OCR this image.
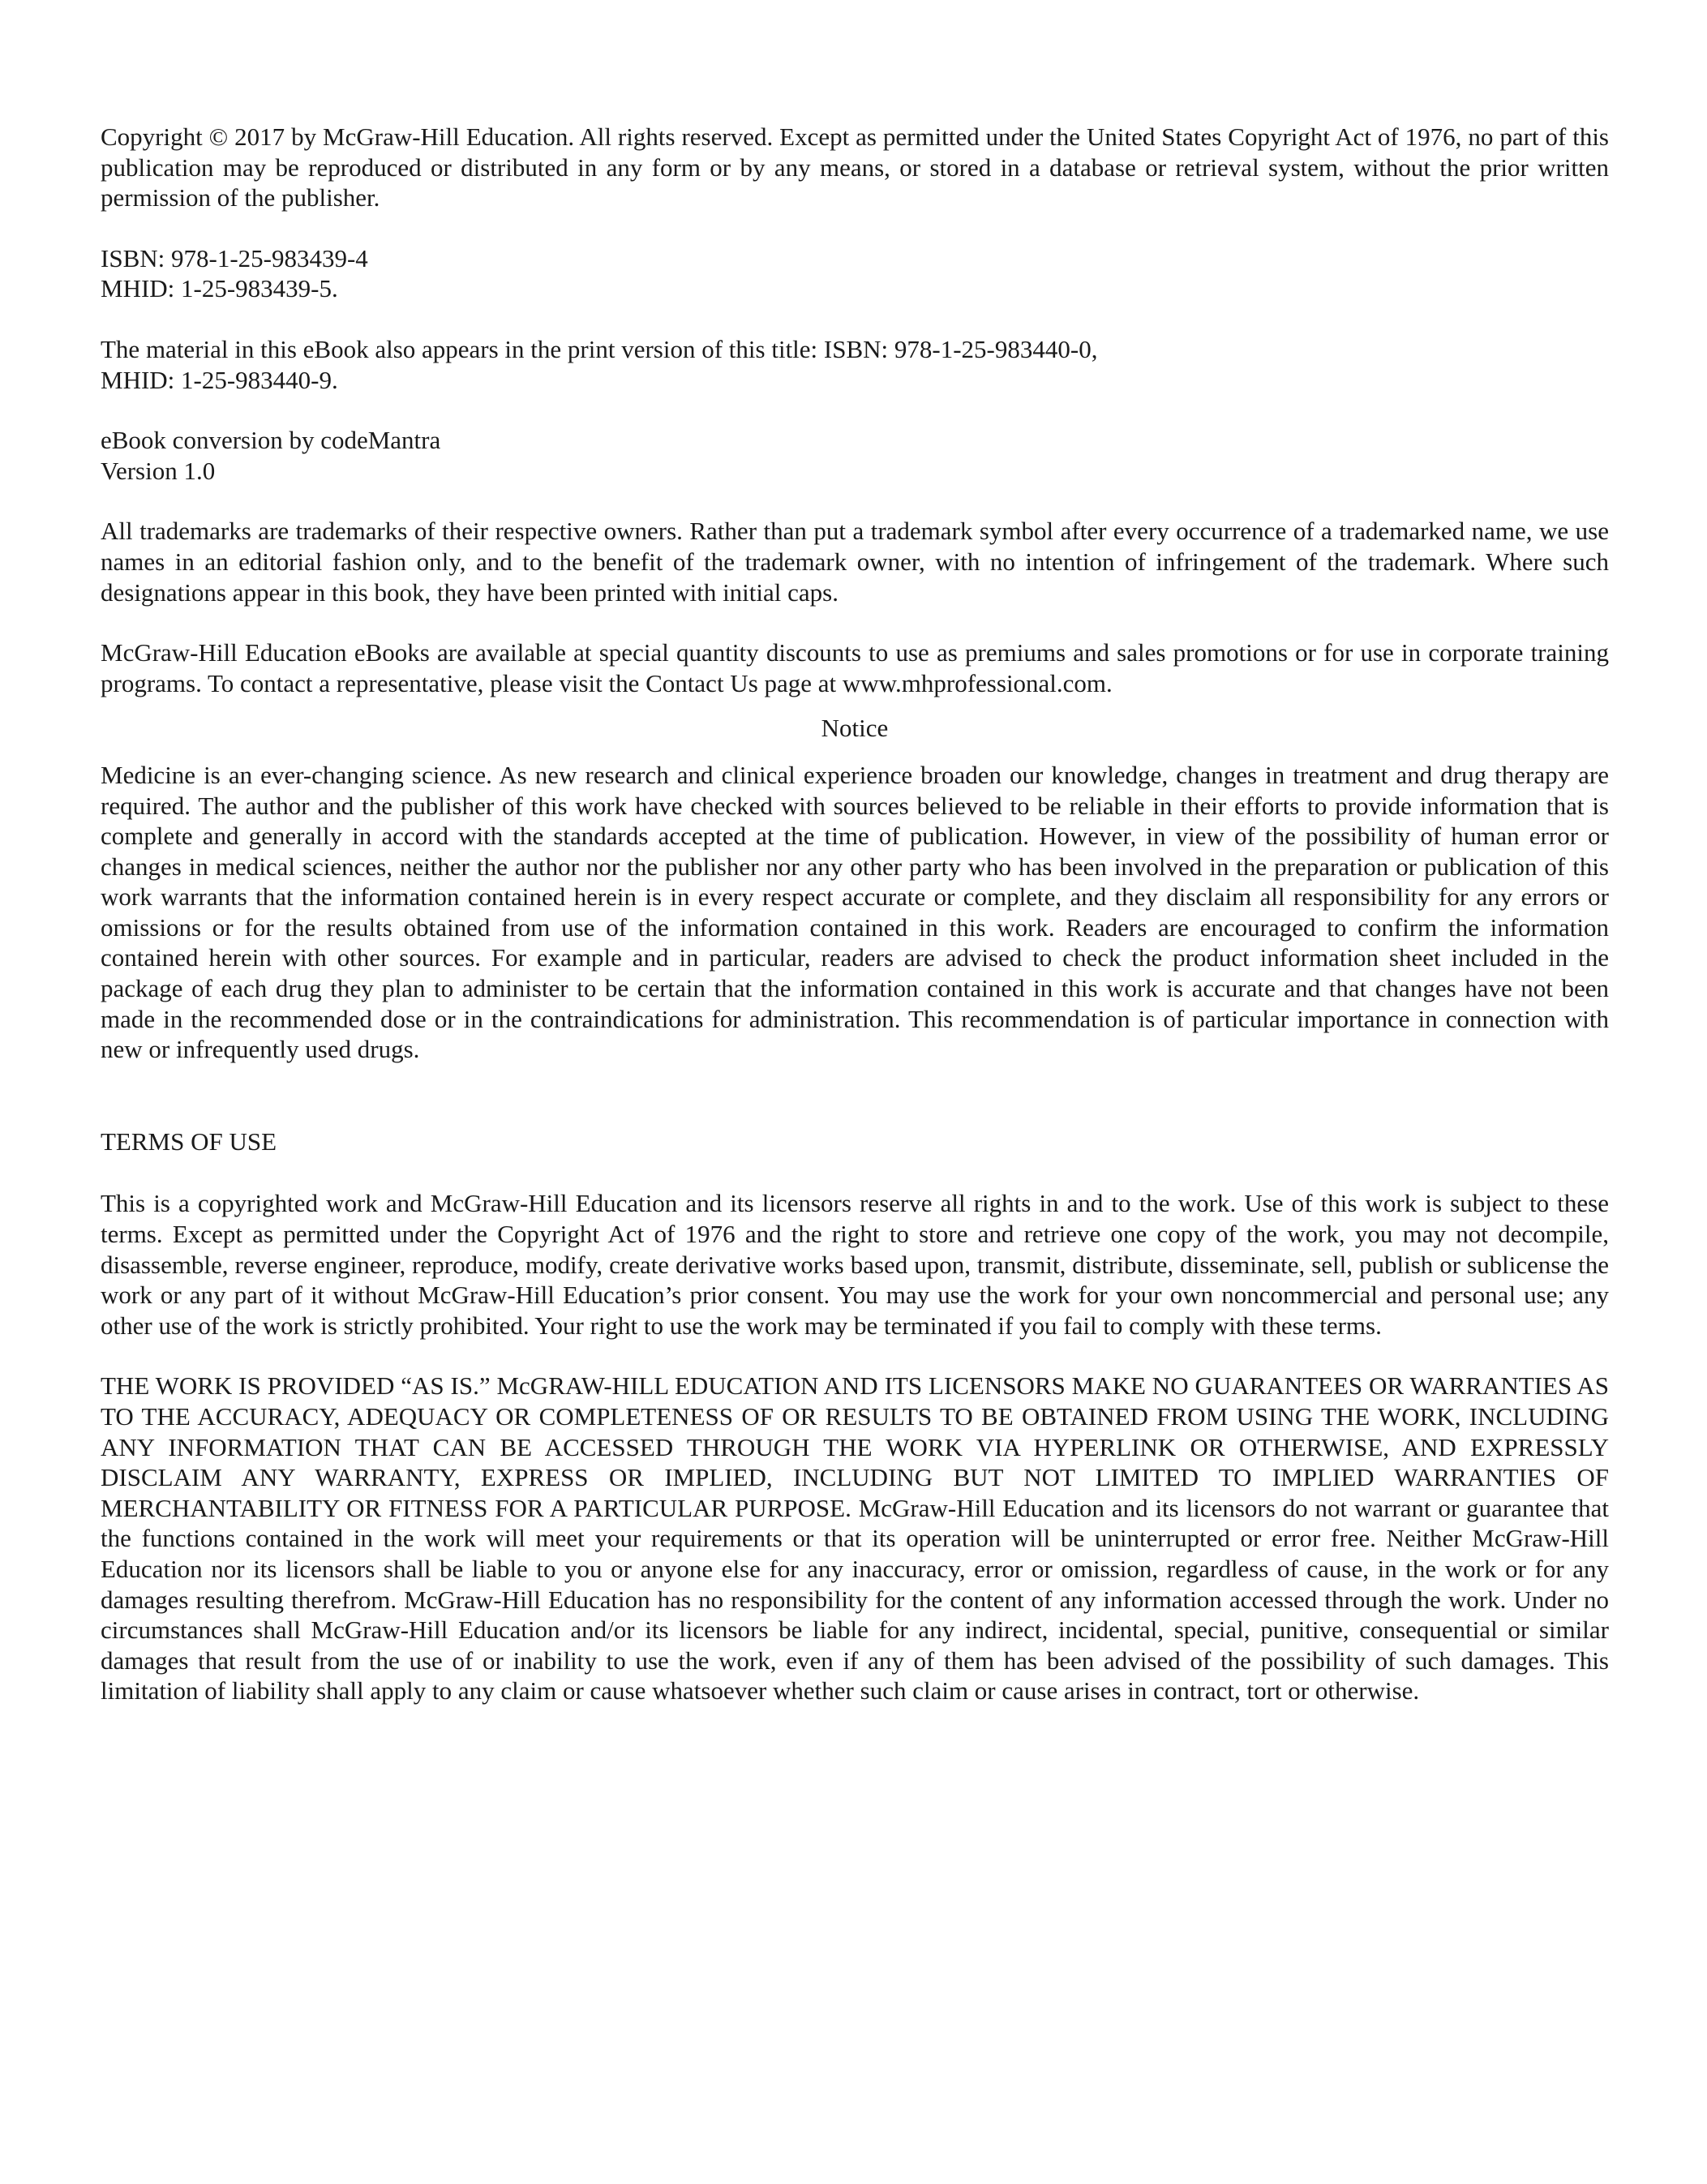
Copyright © 2017 by McGraw-Hill Education. All rights reserved. Except as permitted under the United States Copyright Act of 1976, no part of this publication may be reproduced or distributed in any form or by any means, or stored in a database or retrieval system, without the prior written permission of the publisher.

ISBN: 978-1-25-983439-4
MHID: 1-25-983439-5.

The material in this eBook also appears in the print version of this title: ISBN: 978-1-25-983440-0,
MHID: 1-25-983440-9.

eBook conversion by codeMantra
Version 1.0

All trademarks are trademarks of their respective owners. Rather than put a trademark symbol after every occurrence of a trademarked name, we use names in an editorial fashion only, and to the benefit of the trademark owner, with no intention of infringement of the trademark. Where such designations appear in this book, they have been printed with initial caps.

McGraw-Hill Education eBooks are available at special quantity discounts to use as premiums and sales promotions or for use in corporate training programs. To contact a representative, please visit the Contact Us page at www.mhprofessional.com.

Notice

Medicine is an ever-changing science. As new research and clinical experience broaden our knowledge, changes in treatment and drug therapy are required. The author and the publisher of this work have checked with sources believed to be reliable in their efforts to provide information that is complete and generally in accord with the standards accepted at the time of publication. However, in view of the possibility of human error or changes in medical sciences, neither the author nor the publisher nor any other party who has been involved in the preparation or publication of this work warrants that the information contained herein is in every respect accurate or complete, and they disclaim all responsibility for any errors or omissions or for the results obtained from use of the information contained in this work. Readers are encouraged to confirm the information contained herein with other sources. For example and in particular, readers are advised to check the product information sheet included in the package of each drug they plan to administer to be certain that the information contained in this work is accurate and that changes have not been made in the recommended dose or in the contraindications for administration. This recommendation is of particular importance in connection with new or infrequently used drugs.

TERMS OF USE

This is a copyrighted work and McGraw-Hill Education and its licensors reserve all rights in and to the work. Use of this work is subject to these terms. Except as permitted under the Copyright Act of 1976 and the right to store and retrieve one copy of the work, you may not decompile, disassemble, reverse engineer, reproduce, modify, create derivative works based upon, transmit, distribute, disseminate, sell, publish or sublicense the work or any part of it without McGraw-Hill Education’s prior consent. You may use the work for your own noncommercial and personal use; any other use of the work is strictly prohibited. Your right to use the work may be terminated if you fail to comply with these terms.

THE WORK IS PROVIDED “AS IS.” McGRAW-HILL EDUCATION AND ITS LICENSORS MAKE NO GUARANTEES OR WARRANTIES AS TO THE ACCURACY, ADEQUACY OR COMPLETENESS OF OR RESULTS TO BE OBTAINED FROM USING THE WORK, INCLUDING ANY INFORMATION THAT CAN BE ACCESSED THROUGH THE WORK VIA HYPERLINK OR OTHERWISE, AND EXPRESSLY DISCLAIM ANY WARRANTY, EXPRESS OR IMPLIED, INCLUDING BUT NOT LIMITED TO IMPLIED WARRANTIES OF MERCHANTABILITY OR FITNESS FOR A PARTICULAR PURPOSE. McGraw-Hill Education and its licensors do not warrant or guarantee that the functions contained in the work will meet your requirements or that its operation will be uninterrupted or error free. Neither McGraw-Hill Education nor its licensors shall be liable to you or anyone else for any inaccuracy, error or omission, regardless of cause, in the work or for any damages resulting therefrom. McGraw-Hill Education has no responsibility for the content of any information accessed through the work. Under no circumstances shall McGraw-Hill Education and/or its licensors be liable for any indirect, incidental, special, punitive, consequential or similar damages that result from the use of or inability to use the work, even if any of them has been advised of the possibility of such damages. This limitation of liability shall apply to any claim or cause whatsoever whether such claim or cause arises in contract, tort or otherwise.
